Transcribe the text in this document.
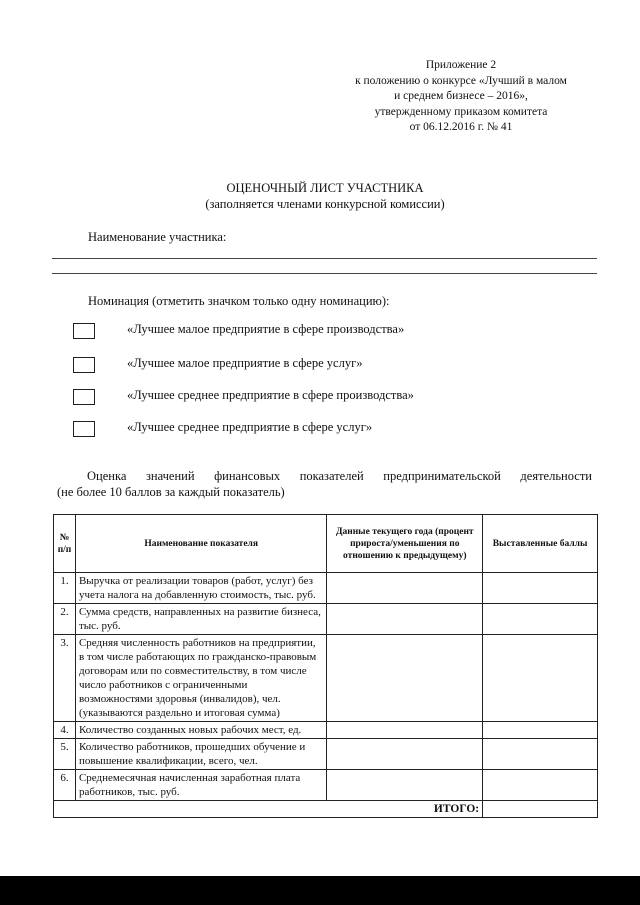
Приложение 2
к положению о конкурсе «Лучший в малом
и среднем бизнесе – 2016»,
утвержденному приказом комитета
от 06.12.2016 г. № 41
ОЦЕНОЧНЫЙ ЛИСТ УЧАСТНИКА
(заполняется членами конкурсной комиссии)
Наименование участника:
Номинация (отметить значком только одну номинацию):
«Лучшее малое предприятие в сфере производства»
«Лучшее малое предприятие в сфере услуг»
«Лучшее среднее предприятие в сфере производства»
«Лучшее среднее предприятие в сфере услуг»
Оценка значений финансовых показателей предпринимательской деятельности
(не более 10 баллов за каждый показатель)
№ п/п	Наименование показателя	Данные текущего года (процент прироста/уменьшения по отношению к предыдущему)	Выставленные баллы
1.	Выручка от реализации товаров (работ, услуг) без учета налога на добавленную стоимость, тыс. руб.		
2.	Сумма средств, направленных на развитие бизнеса, тыс. руб.		
3.	Средняя численность работников на предприятии, в том числе работающих по гражданско-правовым договорам или по совместительству, в том числе число работников с ограниченными возможностями здоровья (инвалидов), чел. (указываются раздельно и итоговая сумма)		
4.	Количество созданных новых рабочих мест, ед.		
5.	Количество работников, прошедших обучение и повышение квалификации, всего, чел.		
6.	Среднемесячная начисленная заработная плата работников, тыс. руб.		
	ИТОГО:		
